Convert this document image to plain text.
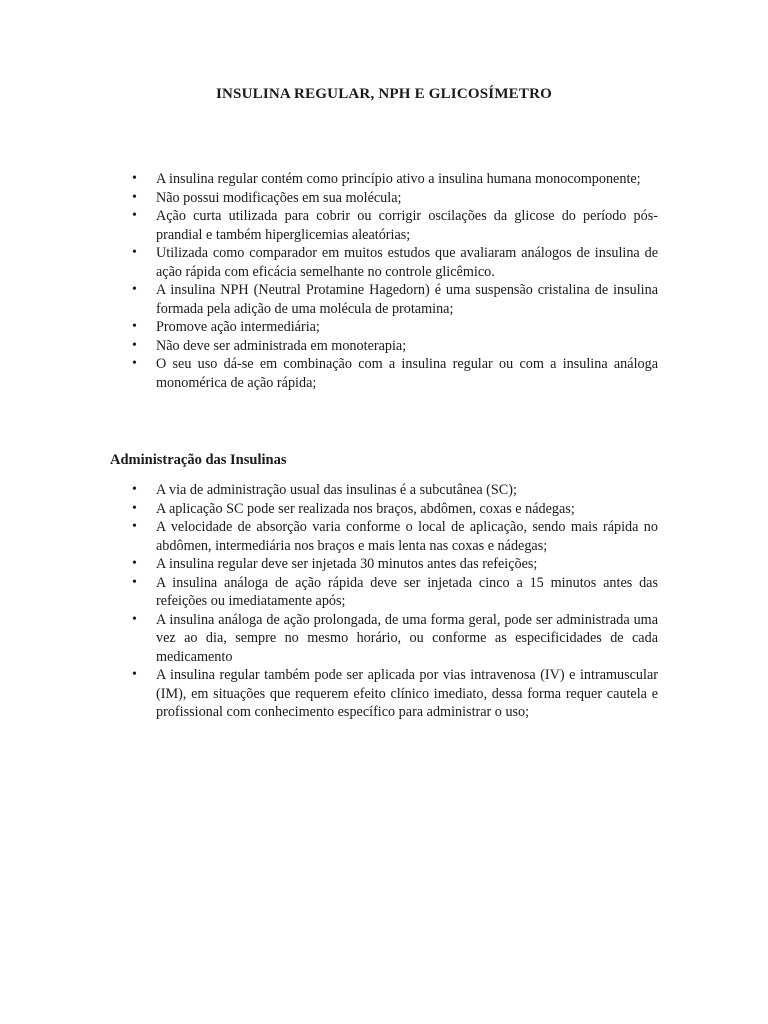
INSULINA REGULAR, NPH E GLICOSÍMETRO
• A insulina regular contém como princípio ativo a insulina humana monocomponente;
• Não possui modificações em sua molécula;
• Ação curta utilizada para cobrir ou corrigir oscilações da glicose do período pós-prandial e também hiperglicemias aleatórias;
• Utilizada como comparador em muitos estudos que avaliaram análogos de insulina de ação rápida com eficácia semelhante no controle glicêmico.
• A insulina NPH (Neutral Protamine Hagedorn) é uma suspensão cristalina de insulina formada pela adição de uma molécula de protamina;
• Promove ação intermediária;
• Não deve ser administrada em monoterapia;
• O seu uso dá-se em combinação com a insulina regular ou com a insulina análoga monomérica de ação rápida;
Administração das Insulinas
• A via de administração usual das insulinas é a subcutânea (SC);
• A aplicação SC pode ser realizada nos braços, abdômen, coxas e nádegas;
• A velocidade de absorção varia conforme o local de aplicação, sendo mais rápida no abdômen, intermediária nos braços e mais lenta nas coxas e nádegas;
• A insulina regular deve ser injetada 30 minutos antes das refeições;
• A insulina análoga de ação rápida deve ser injetada cinco a 15 minutos antes das refeições ou imediatamente após;
• A insulina análoga de ação prolongada, de uma forma geral, pode ser administrada uma vez ao dia, sempre no mesmo horário, ou conforme as especificidades de cada medicamento
• A insulina regular também pode ser aplicada por vias intravenosa (IV) e intramuscular (IM), em situações que requerem efeito clínico imediato, dessa forma requer cautela e profissional com conhecimento específico para administrar o uso;
